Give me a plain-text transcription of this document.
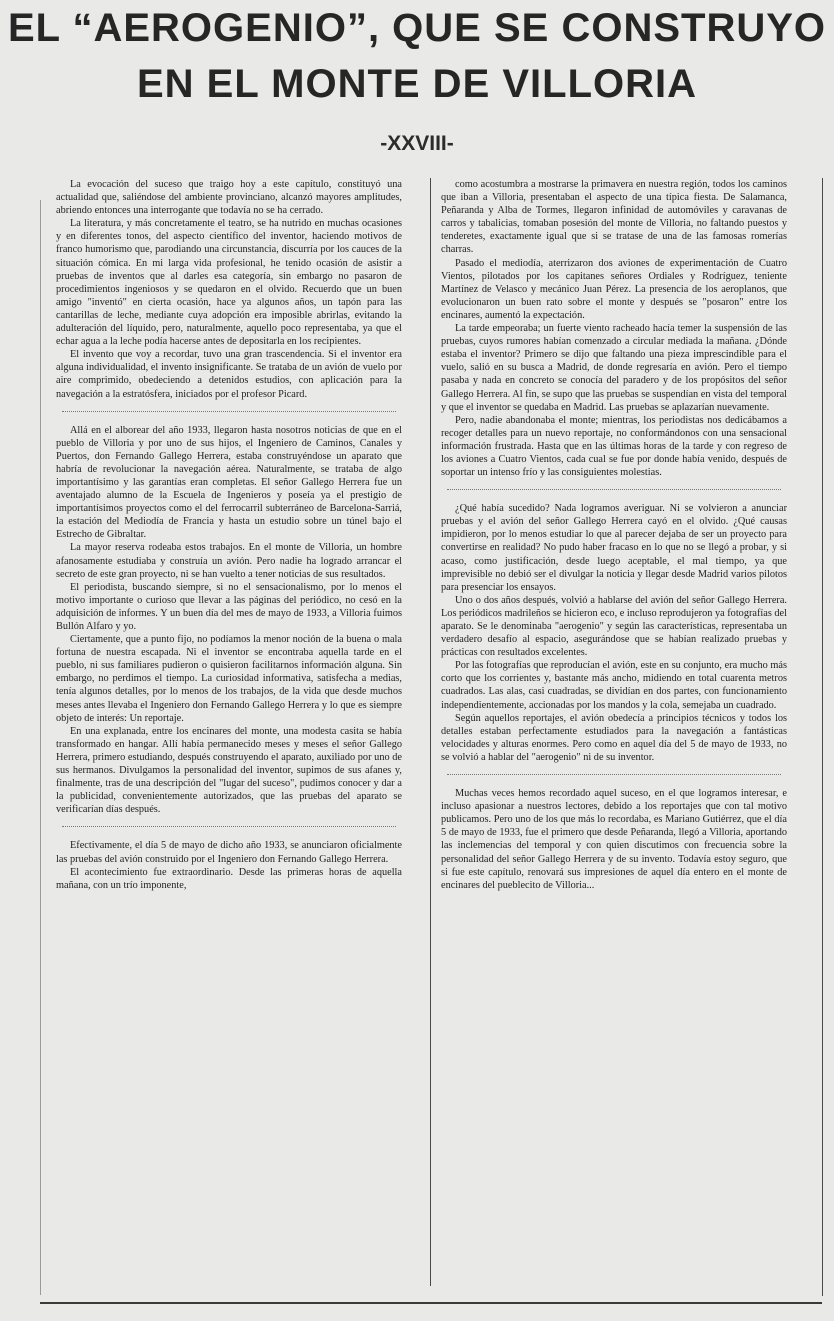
EL “AEROGENIO”, QUE SE CONSTRUYO
EN EL MONTE DE VILLORIA
-XXVIII-

La evocación del suceso que traigo hoy a este capítulo, constituyó una actualidad que, saliéndose del ambiente provinciano, alcanzó mayores amplitudes, abriendo entonces una interrogante que todavía no se ha cerrado.

La literatura, y más concretamente el teatro, se ha nutrido en muchas ocasiones y en diferentes tonos, del aspecto científico del inventor, haciendo motivos de franco humorismo que, parodiando una circunstancia, discurría por los cauces de la situación cómica. En mi larga vida profesional, he tenido ocasión de asistir a pruebas de inventos que al darles esa categoría, sin embargo no pasaron de procedimientos ingeniosos y se quedaron en el olvido. Recuerdo que un buen amigo "inventó" en cierta ocasión, hace ya algunos años, un tapón para las cantarillas de leche, mediante cuya adopción era imposible abrirlas, evitando la adulteración del líquido, pero, naturalmente, aquello poco representaba, ya que el echar agua a la leche podía hacerse antes de depositarla en los recipientes.

El invento que voy a recordar, tuvo una gran trascendencia. Si el inventor era alguna individualidad, el invento insignificante. Se trataba de un avión de vuelo por aire comprimido, obedeciendo a detenidos estudios, con aplicación para la navegación a la estratósfera, iniciados por el profesor Picard.

Allá en el alborear del año 1933, llegaron hasta nosotros noticias de que en el pueblo de Villoria y por uno de sus hijos, el Ingeniero de Caminos, Canales y Puertos, don Fernando Gallego Herrera, estaba construyéndose un aparato que habría de revolucionar la navegación aérea. Naturalmente, se trataba de algo importantísimo y las garantías eran completas. El señor Gallego Herrera fue un aventajado alumno de la Escuela de Ingenieros y poseía ya el prestigio de importantísimos proyectos como el del ferrocarril subterráneo de Barcelona-Sarriá, la estación del Mediodía de Francia y hasta un estudio sobre un túnel bajo el Estrecho de Gibraltar.

La mayor reserva rodeaba estos trabajos. En el monte de Villoria, un hombre afanosamente estudiaba y construía un avión. Pero nadie ha logrado arrancar el secreto de este gran proyecto, ni se han vuelto a tener noticias de sus resultados.

El periodista, buscando siempre, si no el sensacionalismo, por lo menos el motivo importante o curioso que llevar a las páginas del periódico, no cesó en la adquisición de informes. Y un buen día del mes de mayo de 1933, a Villoria fuimos Bullón Alfaro y yo.

Ciertamente, que a punto fijo, no podíamos la menor noción de la buena o mala fortuna de nuestra escapada. Ni el inventor se encontraba aquella tarde en el pueblo, ni sus familiares pudieron o quisieron facilitarnos información alguna. Sin embargo, no perdimos el tiempo. La curiosidad informativa, satisfecha a medias, tenía algunos detalles, por lo menos de los trabajos, de la vida que desde muchos meses antes llevaba el Ingeniero don Fernando Gallego Herrera y lo que es siempre objeto de interés: Un reportaje.

En una explanada, entre los encinares del monte, una modesta casita se había transformado en hangar. Allí había permanecido meses y meses el señor Gallego Herrera, primero estudiando, después construyendo el aparato, auxiliado por uno de sus hermanos. Divulgamos la personalidad del inventor, supimos de sus afanes y, finalmente, tras de una descripción del "lugar del suceso", pudimos conocer y dar a la publicidad, convenientemente autorizados, que las pruebas del aparato se verificarían días después.

Efectivamente, el día 5 de mayo de dicho año 1933, se anunciaron oficialmente las pruebas del avión construido por el Ingeniero don Fernando Gallego Herrera.

El acontecimiento fue extraordinario. Desde las primeras horas de aquella mañana, con un trío imponente,

como acostumbra a mostrarse la primavera en nuestra región, todos los caminos que iban a Villoria, presentaban el aspecto de una típica fiesta. De Salamanca, Peñaranda y Alba de Tormes, llegaron infinidad de automóviles y caravanas de carros y tabalicias, tomaban posesión del monte de Villoria, no faltando puestos y tenderetes, exactamente igual que si se tratase de una de las famosas romerías charras.

Pasado el mediodía, aterrizaron dos aviones de experimentación de Cuatro Vientos, pilotados por los capitanes señores Ordiales y Rodríguez, teniente Martínez de Velasco y mecánico Juan Pérez. La presencia de los aeroplanos, que evolucionaron un buen rato sobre el monte y después se "posaron" entre los encinares, aumentó la expectación.

La tarde empeoraba; un fuerte viento racheado hacía temer la suspensión de las pruebas, cuyos rumores habían comenzado a circular mediada la mañana. ¿Dónde estaba el inventor? Primero se dijo que faltando una pieza imprescindible para el vuelo, salió en su busca a Madrid, de donde regresaría en avión. Pero el tiempo pasaba y nada en concreto se conocía del paradero y de los propósitos del señor Gallego Herrera. Al fin, se supo que las pruebas se suspendían en vista del temporal y que el inventor se quedaba en Madrid. Las pruebas se aplazarían nuevamente.

Pero, nadie abandonaba el monte; mientras, los periodistas nos dedicábamos a recoger detalles para un nuevo reportaje, no conformándonos con una sensacional información frustrada. Hasta que en las últimas horas de la tarde y con regreso de los aviones a Cuatro Vientos, cada cual se fue por donde había venido, después de soportar un intenso frío y las consiguientes molestias.

¿Qué había sucedido? Nada logramos averiguar. Ni se volvieron a anunciar pruebas y el avión del señor Gallego Herrera cayó en el olvido. ¿Qué causas impidieron, por lo menos estudiar lo que al parecer dejaba de ser un proyecto para convertirse en realidad? No pudo haber fracaso en lo que no se llegó a probar, y si acaso, como justificación, desde luego aceptable, el mal tiempo, ya que imprevisible no debió ser el divulgar la noticia y llegar desde Madrid varios pilotos para presenciar los ensayos.

Uno o dos años después, volvió a hablarse del avión del señor Gallego Herrera. Los periódicos madrileños se hicieron eco, e incluso reprodujeron ya fotografías del aparato. Se le denominaba "aerogenio" y según las características, representaba un verdadero desafío al espacio, asegurándose que se habían realizado pruebas y prácticas con resultados excelentes.

Por las fotografías que reproducían el avión, este en su conjunto, era mucho más corto que los corrientes y, bastante más ancho, midiendo en total cuarenta metros cuadrados. Las alas, casi cuadradas, se dividían en dos partes, con funcionamiento independientemente, accionadas por los mandos y la cola, semejaba un cuadrado.

Según aquellos reportajes, el avión obedecía a principios técnicos y todos los detalles estaban perfectamente estudiados para la navegación a fantásticas velocidades y alturas enormes. Pero como en aquel día del 5 de mayo de 1933, no se volvió a hablar del "aerogenio" ni de su inventor.

Muchas veces hemos recordado aquel suceso, en el que logramos interesar, e incluso apasionar a nuestros lectores, debido a los reportajes que con tal motivo publicamos. Pero uno de los que más lo recordaba, es Mariano Gutiérrez, que el día 5 de mayo de 1933, fue el primero que desde Peñaranda, llegó a Villoria, aportando las inclemencias del temporal y con quien discutimos con frecuencia sobre la personalidad del señor Gallego Herrera y de su invento. Todavía estoy seguro, que si fue este capítulo, renovará sus impresiones de aquel día entero en el monte de encinares del pueblecito de Villoria...
